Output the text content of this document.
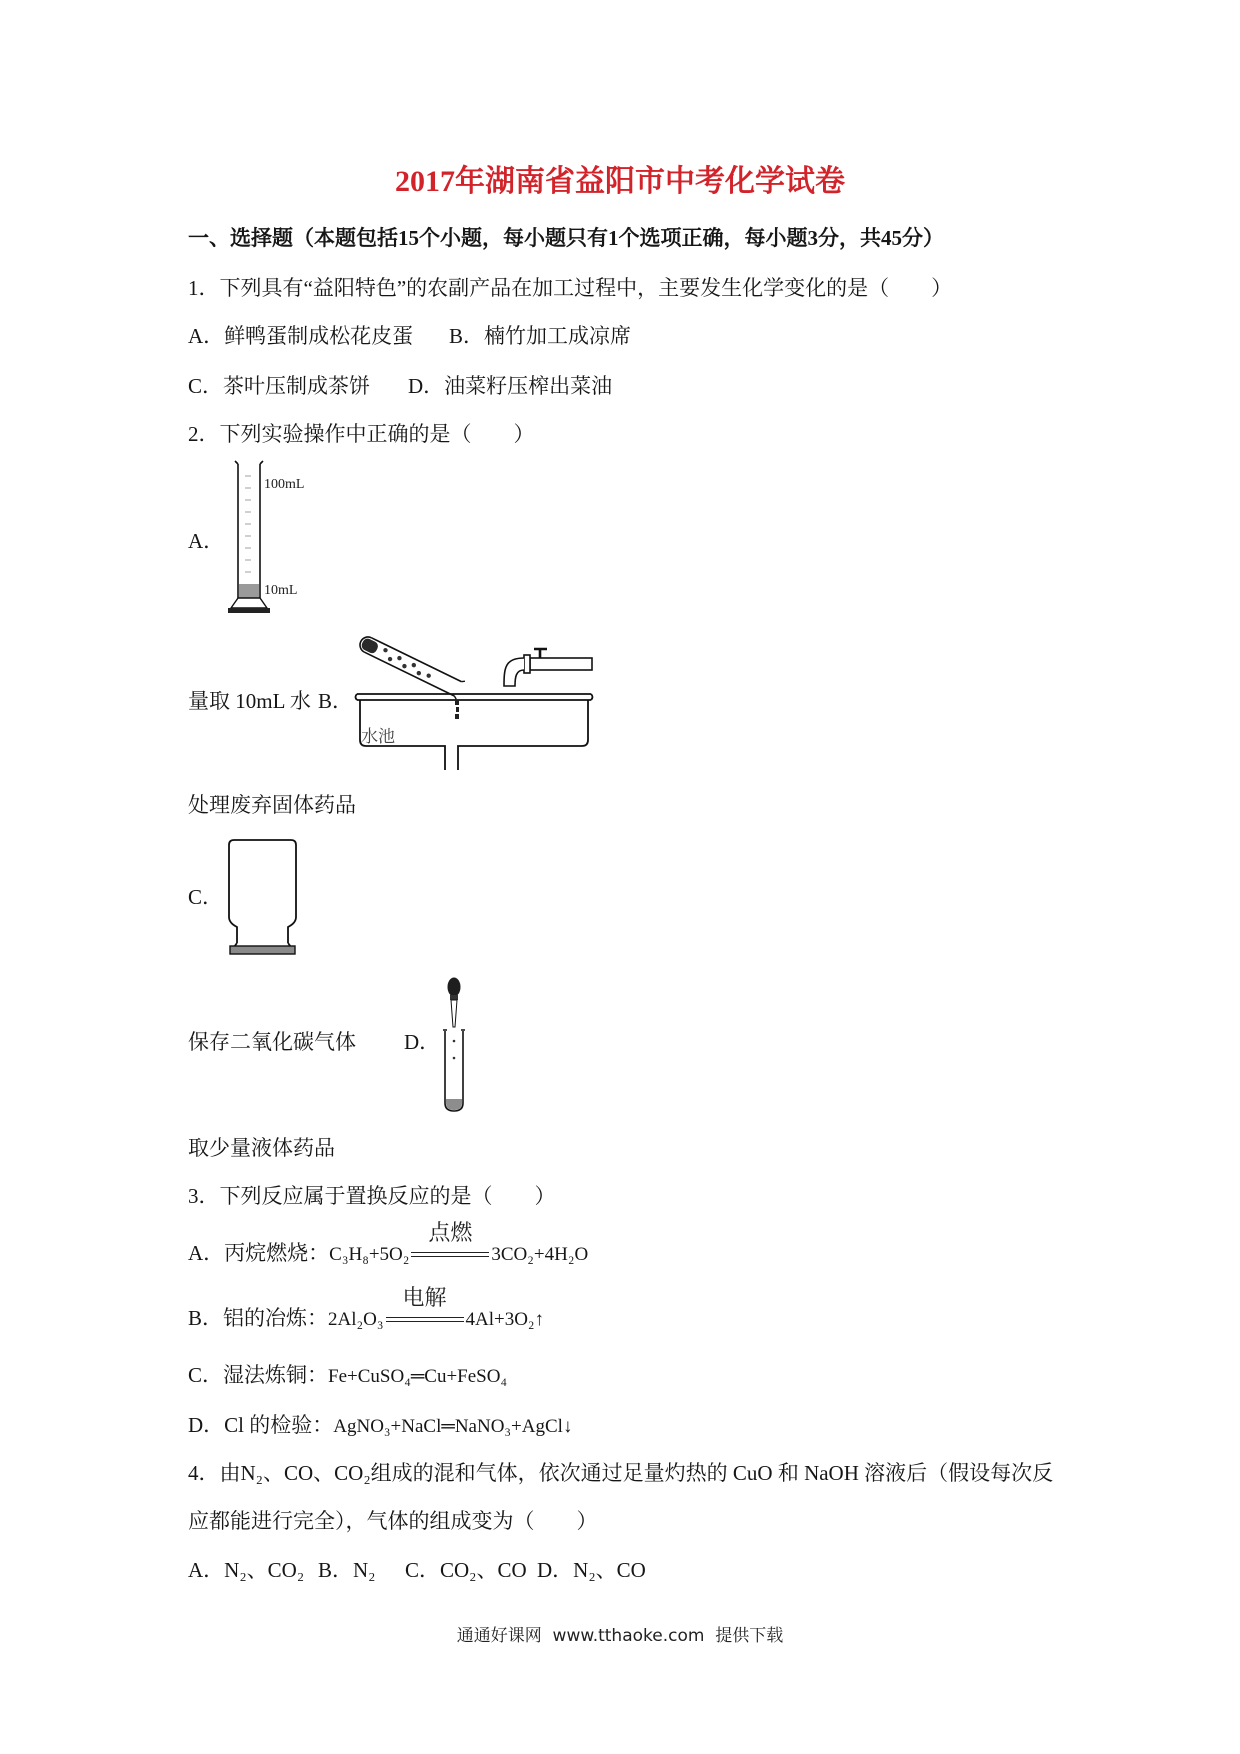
2017年湖南省益阳市中考化学试卷
一、选择题（本题包括15个小题，每小题只有1个选项正确，每小题3分，共45分）
1．下列具有“益阳特色”的农副产品在加工过程中，主要发生化学变化的是（　　）
A．鲜鸭蛋制成松花皮蛋 B．楠竹加工成凉席
C．茶叶压制成茶饼 D．油菜籽压榨出菜油
2．下列实验操作中正确的是（　　）
A．
100mL
10mL
量取 10mL 水 B．
水池
处理废弃固体药品
C．
保存二氧化碳气体 D．
取少量液体药品
3．下列反应属于置换反应的是（　　）
A．丙烷燃烧：C₃H₈+5O₂
点燃
3CO₂+4H₂O
B．铝的冶炼：2Al₂O₃
电解
4Al+3O₂↑
C．湿法炼铜：Fe+CuSO₄═Cu+FeSO₄
D．Cl 的检验：AgNO₃+NaCl═NaNO₃+AgCl↓
4．由N₂、CO、CO₂组成的混和气体，依次通过足量灼热的 CuO 和 NaOH 溶液后（假设每次反
应都能进行完全），气体的组成变为（　　）
A．N₂、CO₂ B．N₂ C．CO₂、CO D．N₂、CO
通通好课网  www.tthaoke.com  提供下载
